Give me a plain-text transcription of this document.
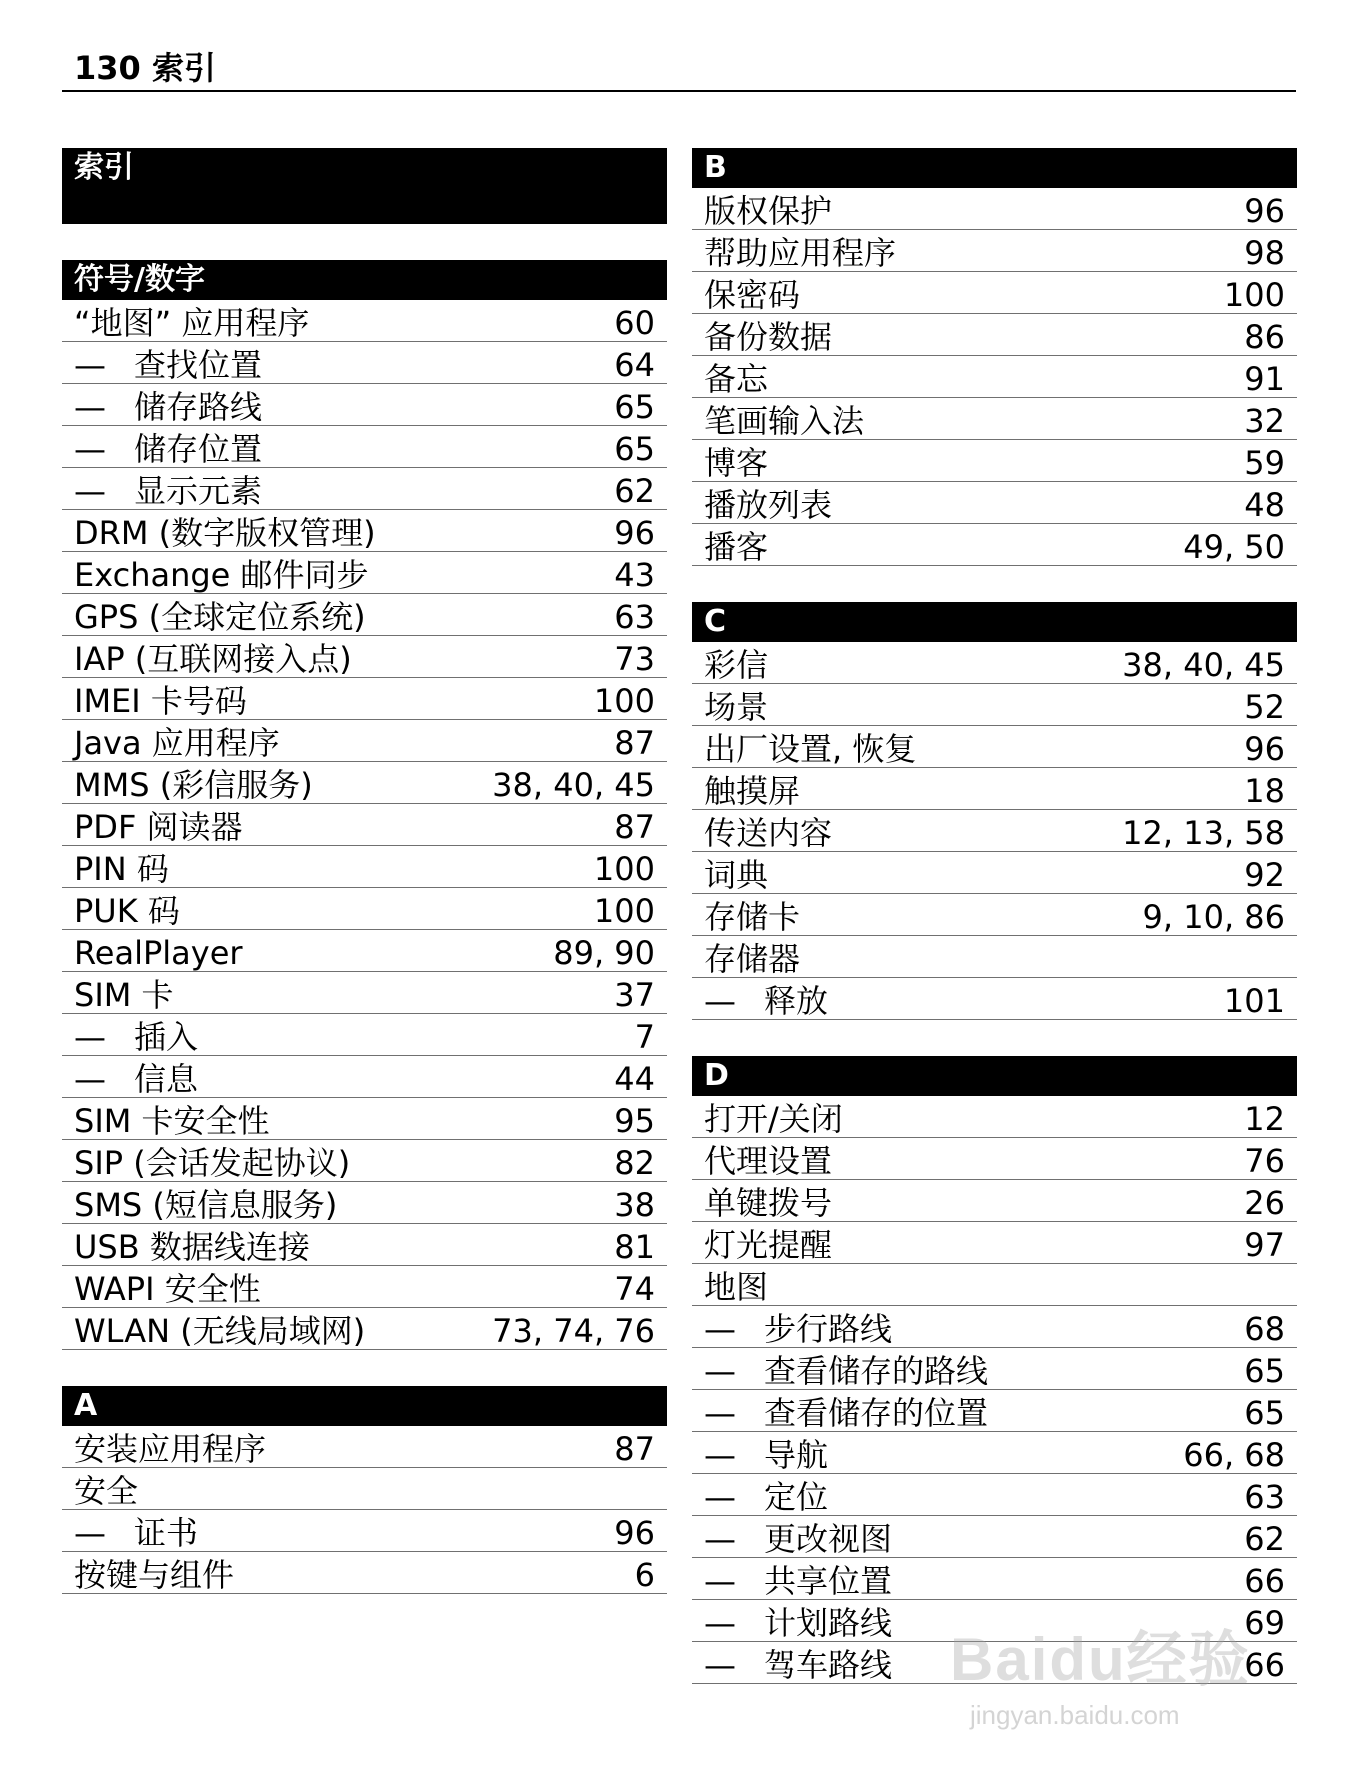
130 索引
索引
符号/数字
“地图” 应用程序	60
— 查找位置	64
— 储存路线	65
— 储存位置	65
— 显示元素	62
DRM (数字版权管理)	96
Exchange 邮件同步	43
GPS (全球定位系统)	63
IAP (互联网接入点)	73
IMEI 卡号码	100
Java 应用程序	87
MMS (彩信服务)	38, 40, 45
PDF 阅读器	87
PIN 码	100
PUK 码	100
RealPlayer	89, 90
SIM 卡	37
— 插入	7
— 信息	44
SIM 卡安全性	95
SIP (会话发起协议)	82
SMS (短信息服务)	38
USB 数据线连接	81
WAPI 安全性	74
WLAN (无线局域网)	73, 74, 76
A
安装应用程序	87
安全
— 证书	96
按键与组件	6
B
版权保护	96
帮助应用程序	98
保密码	100
备份数据	86
备忘	91
笔画输入法	32
博客	59
播放列表	48
播客	49, 50
C
彩信	38, 40, 45
场景	52
出厂设置, 恢复	96
触摸屏	18
传送内容	12, 13, 58
词典	92
存储卡	9, 10, 86
存储器
— 释放	101
D
打开/关闭	12
代理设置	76
单键拨号	26
灯光提醒	97
地图
— 步行路线	68
— 查看储存的路线	65
— 查看储存的位置	65
— 导航	66, 68
— 定位	63
— 更改视图	62
— 共享位置	66
— 计划路线	69
— 驾车路线	66
Baidu经验
jingyan.baidu.com
